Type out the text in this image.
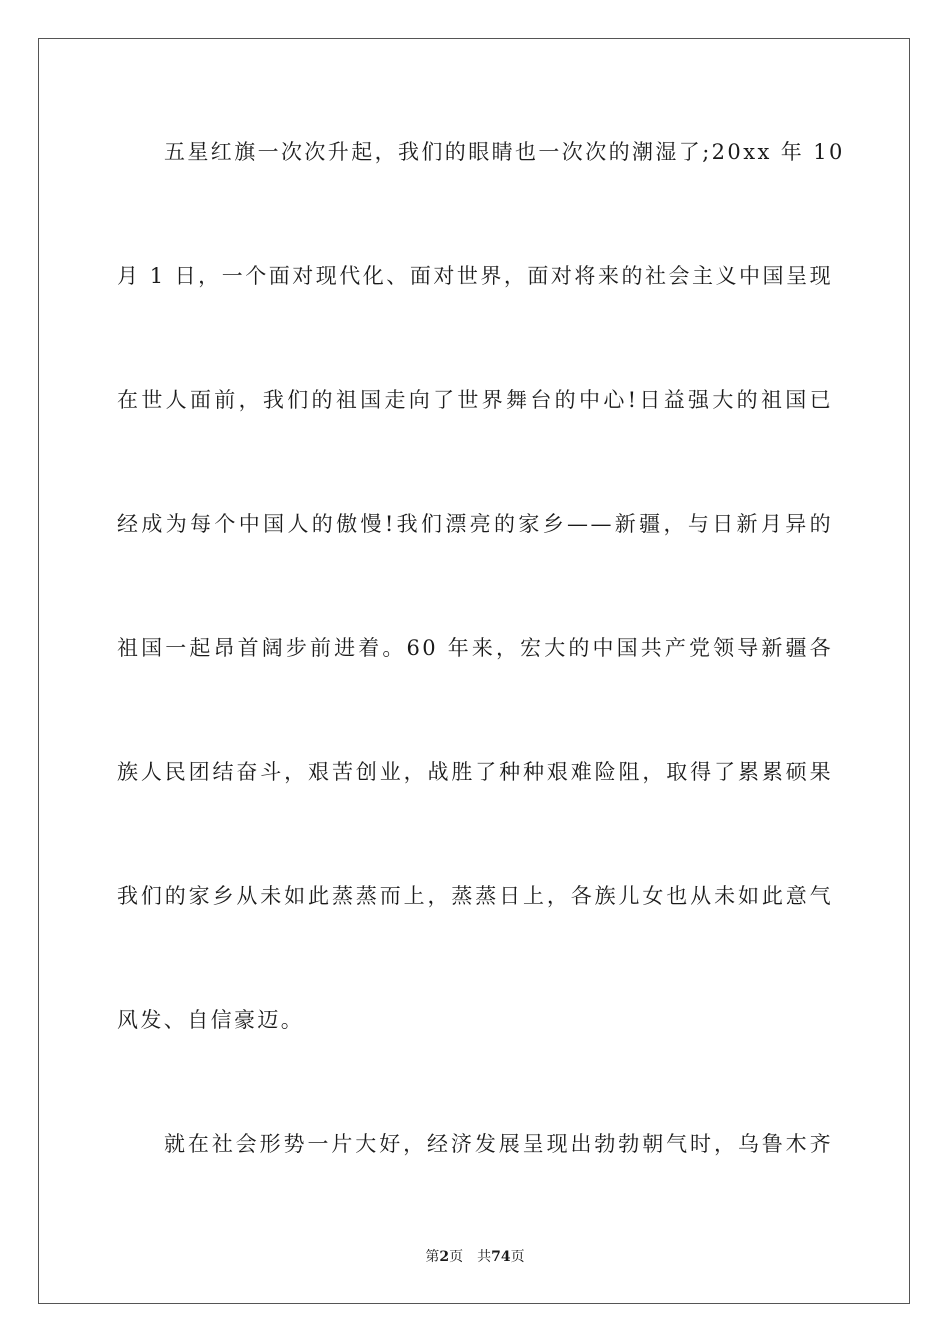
五星红旗一次次升起，我们的眼睛也一次次的潮湿了;20xx 年 10
月 1 日，一个面对现代化、面对世界，面对将来的社会主义中国呈现
在世人面前，我们的祖国走向了世界舞台的中心!日益强大的祖国已
经成为每个中国人的傲慢!我们漂亮的家乡——新疆，与日新月异的
祖国一起昂首阔步前进着。60 年来，宏大的中国共产党领导新疆各
族人民团结奋斗，艰苦创业，战胜了种种艰难险阻，取得了累累硕果
我们的家乡从未如此蒸蒸而上，蒸蒸日上，各族儿女也从未如此意气
风发、自信豪迈。
就在社会形势一片大好，经济发展呈现出勃勃朝气时，乌鲁木齐
第2页 共74页
